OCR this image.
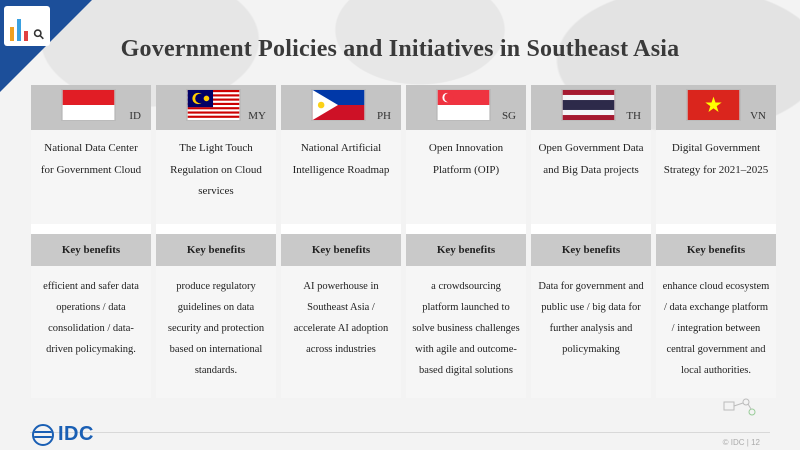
Government Policies and Initiatives in Southeast Asia
ID
National Data Center for Government Cloud
Key benefits
efficient and safer data operations / data consolidation / data-driven policymaking.
MY
The Light Touch Regulation on Cloud services
Key benefits
produce regulatory guidelines on data security and protection based on international standards.
PH
National Artificial Intelligence Roadmap
Key benefits
AI powerhouse in Southeast Asia / accelerate AI adoption across industries
SG
Open Innovation Platform (OIP)
Key benefits
a crowdsourcing platform launched to solve business challenges with agile and outcome-based digital solutions
TH
Open Government Data and Big Data projects
Key benefits
Data for government and public use / big data for further analysis and policymaking
VN
Digital Government Strategy for 2021–2025
Key benefits
enhance cloud ecosystem / data exchange platform / integration between central government and local authorities.
IDC	© IDC | 12
